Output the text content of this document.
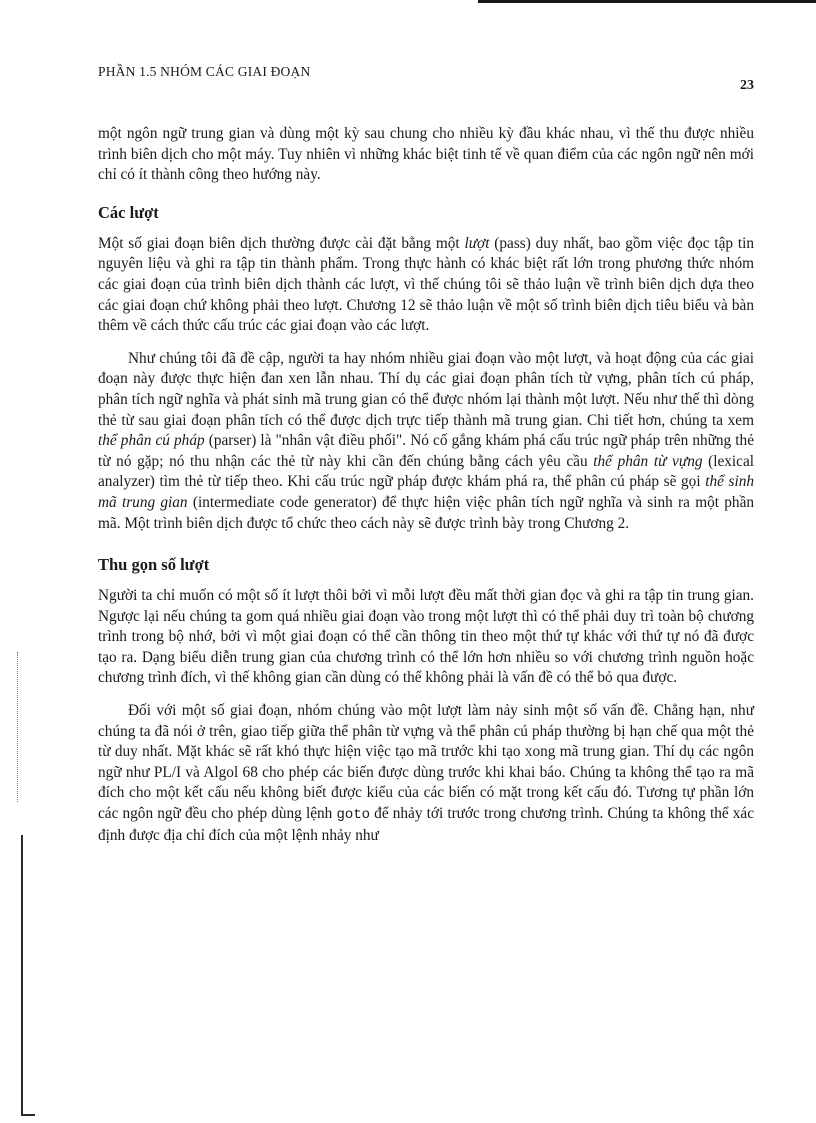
PHẦN 1.5 NHÓM CÁC GIAI ĐOẠN
23

một ngôn ngữ trung gian và dùng một kỳ sau chung cho nhiều kỳ đầu khác nhau, vì thế thu được nhiều trình biên dịch cho một máy. Tuy nhiên vì những khác biệt tinh tế về quan điểm của các ngôn ngữ nên mới chỉ có ít thành công theo hướng này.

Các lượt

Một số giai đoạn biên dịch thường được cài đặt bằng một lượt (pass) duy nhất, bao gồm việc đọc tập tin nguyên liệu và ghi ra tập tin thành phẩm. Trong thực hành có khác biệt rất lớn trong phương thức nhóm các giai đoạn của trình biên dịch thành các lượt, vì thế chúng tôi sẽ thảo luận về trình biên dịch dựa theo các giai đoạn chứ không phải theo lượt. Chương 12 sẽ thảo luận về một số trình biên dịch tiêu biểu và bàn thêm về cách thức cấu trúc các giai đoạn vào các lượt.

Như chúng tôi đã đề cập, người ta hay nhóm nhiều giai đoạn vào một lượt, và hoạt động của các giai đoạn này được thực hiện đan xen lẫn nhau. Thí dụ các giai đoạn phân tích từ vựng, phân tích cú pháp, phân tích ngữ nghĩa và phát sinh mã trung gian có thể được nhóm lại thành một lượt. Nếu như thế thì dòng thẻ từ sau giai đoạn phân tích có thể được dịch trực tiếp thành mã trung gian. Chi tiết hơn, chúng ta xem thể phân cú pháp (parser) là "nhân vật điều phối". Nó cố gắng khám phá cấu trúc ngữ pháp trên những thẻ từ nó gặp; nó thu nhận các thẻ từ này khi cần đến chúng bằng cách yêu cầu thể phân từ vựng (lexical analyzer) tìm thẻ từ tiếp theo. Khi cấu trúc ngữ pháp được khám phá ra, thể phân cú pháp sẽ gọi thể sinh mã trung gian (intermediate code generator) để thực hiện việc phân tích ngữ nghĩa và sinh ra một phần mã. Một trình biên dịch được tổ chức theo cách này sẽ được trình bày trong Chương 2.

Thu gọn số lượt

Người ta chỉ muốn có một số ít lượt thôi bởi vì mỗi lượt đều mất thời gian đọc và ghi ra tập tin trung gian. Ngược lại nếu chúng ta gom quá nhiều giai đoạn vào trong một lượt thì có thể phải duy trì toàn bộ chương trình trong bộ nhớ, bởi vì một giai đoạn có thể cần thông tin theo một thứ tự khác với thứ tự nó đã được tạo ra. Dạng biểu diễn trung gian của chương trình có thể lớn hơn nhiều so với chương trình nguồn hoặc chương trình đích, vì thế không gian cần dùng có thể không phải là vấn đề có thể bỏ qua được.

Đối với một số giai đoạn, nhóm chúng vào một lượt làm nảy sinh một số vấn đề. Chẳng hạn, như chúng ta đã nói ở trên, giao tiếp giữa thể phân từ vựng và thể phân cú pháp thường bị hạn chế qua một thẻ từ duy nhất. Mặt khác sẽ rất khó thực hiện việc tạo mã trước khi tạo xong mã trung gian. Thí dụ các ngôn ngữ như PL/I và Algol 68 cho phép các biến được dùng trước khi khai báo. Chúng ta không thể tạo ra mã đích cho một kết cấu nếu không biết được kiểu của các biến có mặt trong kết cấu đó. Tương tự phần lớn các ngôn ngữ đều cho phép dùng lệnh goto để nhảy tới trước trong chương trình. Chúng ta không thể xác định được địa chỉ đích của một lệnh nhảy như
